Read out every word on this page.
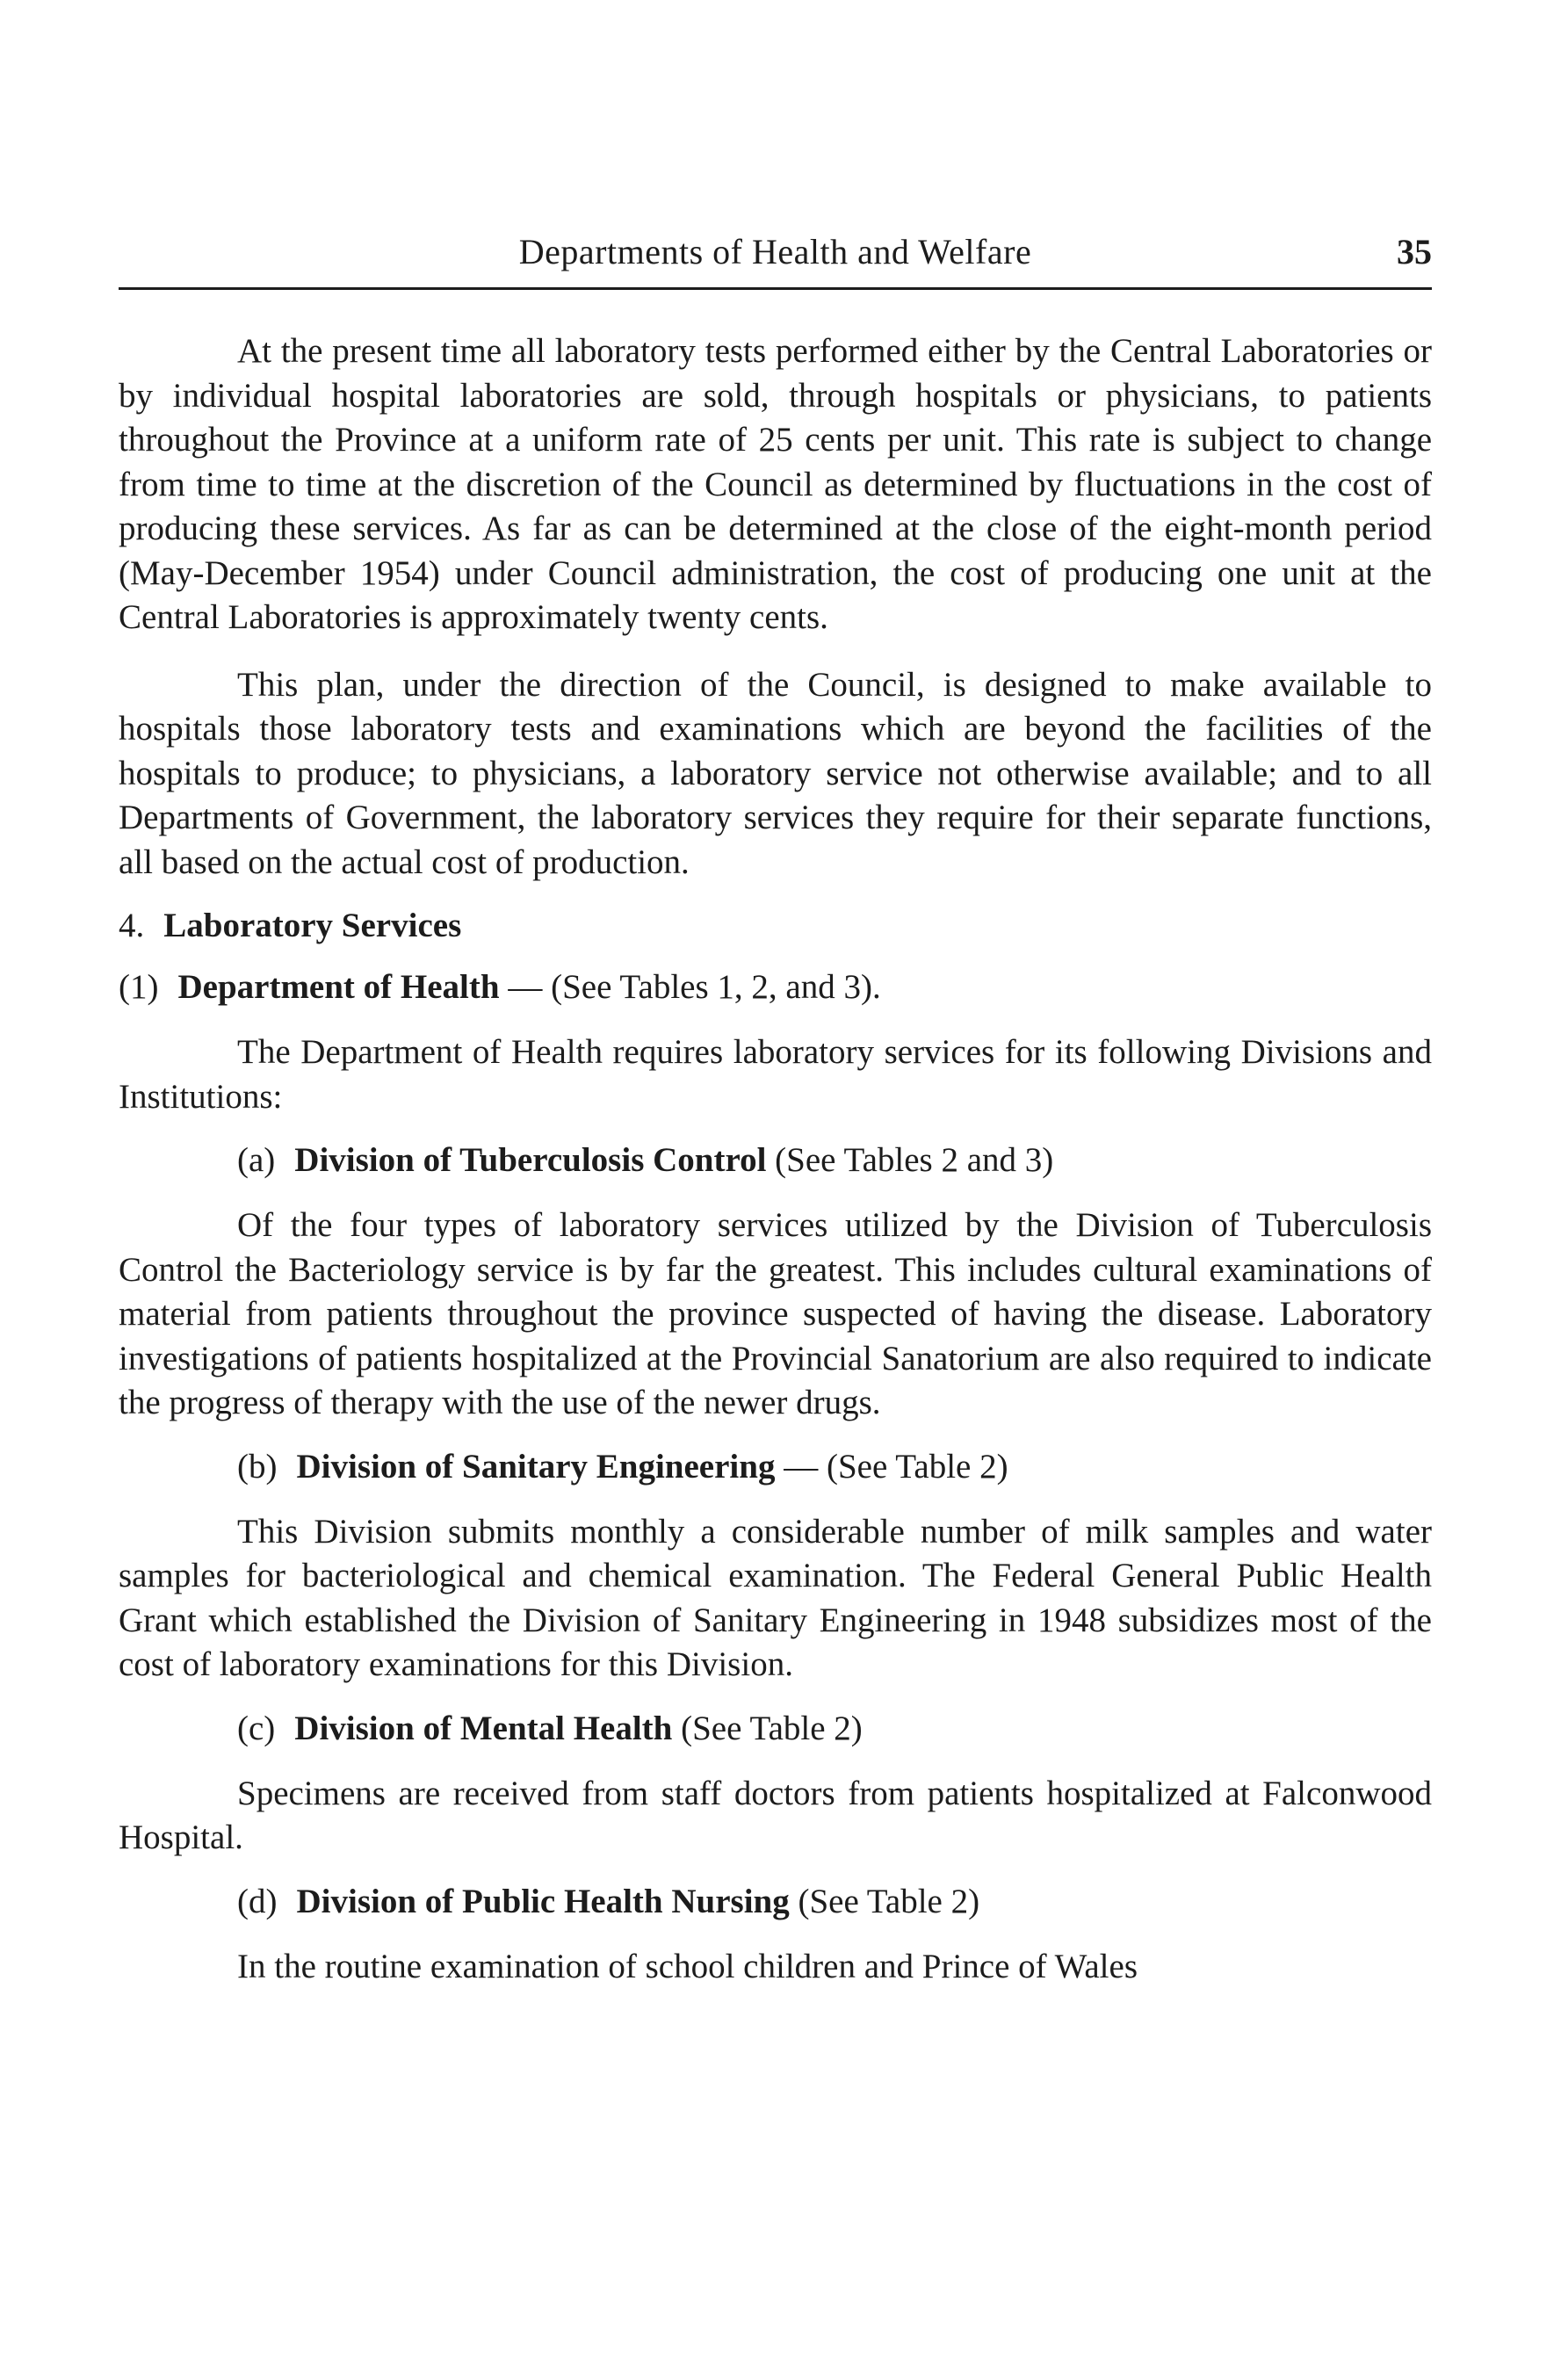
Departments of Health and Welfare	35

At the present time all laboratory tests performed either by the Central Laboratories or by individual hospital laboratories are sold, through hospitals or physicians, to patients throughout the Province at a uniform rate of 25 cents per unit. This rate is subject to change from time to time at the discretion of the Council as determined by fluctuations in the cost of producing these services. As far as can be determined at the close of the eight-month period (May-December 1954) under Council administration, the cost of producing one unit at the Central Laboratories is approximately twenty cents.

This plan, under the direction of the Council, is designed to make available to hospitals those laboratory tests and examinations which are beyond the facilities of the hospitals to produce; to physicians, a laboratory service not otherwise available; and to all Departments of Government, the laboratory services they require for their separate functions, all based on the actual cost of production.

4. Laboratory Services

(1) Department of Health — (See Tables 1, 2, and 3).

The Department of Health requires laboratory services for its following Divisions and Institutions:

(a) Division of Tuberculosis Control (See Tables 2 and 3)

Of the four types of laboratory services utilized by the Division of Tuberculosis Control the Bacteriology service is by far the greatest. This includes cultural examinations of material from patients throughout the province suspected of having the disease. Laboratory investigations of patients hospitalized at the Provincial Sanatorium are also required to indicate the progress of therapy with the use of the newer drugs.

(b) Division of Sanitary Engineering — (See Table 2)

This Division submits monthly a considerable number of milk samples and water samples for bacteriological and chemical examination. The Federal General Public Health Grant which established the Division of Sanitary Engineering in 1948 subsidizes most of the cost of laboratory examinations for this Division.

(c) Division of Mental Health (See Table 2)

Specimens are received from staff doctors from patients hospitalized at Falconwood Hospital.

(d) Division of Public Health Nursing (See Table 2)

In the routine examination of school children and Prince of Wales
